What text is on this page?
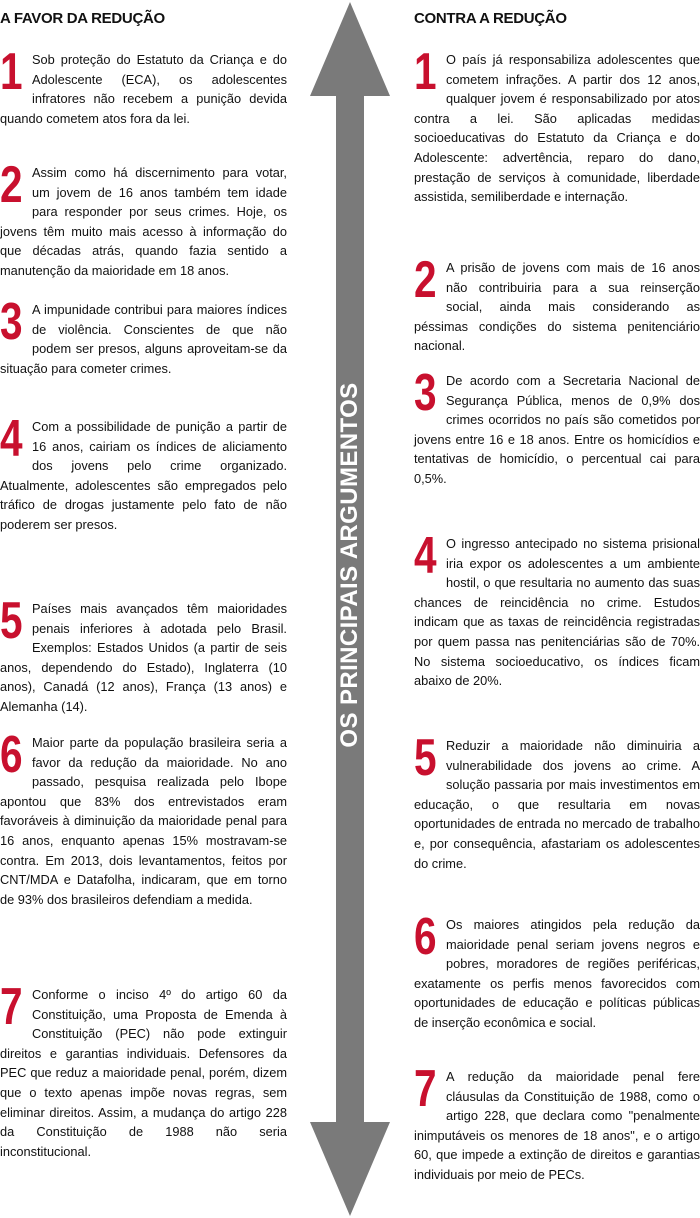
A FAVOR DA REDUÇÃO

1 Sob proteção do Estatuto da Criança e do Adolescente (ECA), os adolescentes infratores não recebem a punição devida quando cometem atos fora da lei.

2 Assim como há discernimento para votar, um jovem de 16 anos também tem idade para responder por seus crimes. Hoje, os jovens têm muito mais acesso à informação do que décadas atrás, quando fazia sentido a manutenção da maioridade em 18 anos.

3 A impunidade contribui para maiores índices de violência. Conscientes de que não podem ser presos, alguns aproveitam-se da situação para cometer crimes.

4 Com a possibilidade de punição a partir de 16 anos, cairiam os índices de aliciamento dos jovens pelo crime organizado. Atualmente, adolescentes são empregados pelo tráfico de drogas justamente pelo fato de não poderem ser presos.

5 Países mais avançados têm maioridades penais inferiores à adotada pelo Brasil. Exemplos: Estados Unidos (a partir de seis anos, dependendo do Estado), Inglaterra (10 anos), Canadá (12 anos), França (13 anos) e Alemanha (14).

6 Maior parte da população brasileira seria a favor da redução da maioridade. No ano passado, pesquisa realizada pelo Ibope apontou que 83% dos entrevistados eram favoráveis à diminuição da maioridade penal para 16 anos, enquanto apenas 15% mostravam-se contra. Em 2013, dois levantamentos, feitos por CNT/MDA e Datafolha, indicaram, que em torno de 93% dos brasileiros defendiam a medida.

7 Conforme o inciso 4º do artigo 60 da Constituição, uma Proposta de Emenda à Constituição (PEC) não pode extinguir direitos e garantias individuais. Defensores da PEC que reduz a maioridade penal, porém, dizem que o texto apenas impõe novas regras, sem eliminar direitos. Assim, a mudança do artigo 228 da Constituição de 1988 não seria inconstitucional.

OS PRINCIPAIS ARGUMENTOS
CONTRA A REDUÇÃO

1 O país já responsabiliza adolescentes que cometem infrações. A partir dos 12 anos, qualquer jovem é responsabilizado por atos contra a lei. São aplicadas medidas socioeducativas do Estatuto da Criança e do Adolescente: advertência, reparo do dano, prestação de serviços à comunidade, liberdade assistida, semiliberdade e internação.

2 A prisão de jovens com mais de 16 anos não contribuiria para a sua reinserção social, ainda mais considerando as péssimas condições do sistema penitenciário nacional.

3 De acordo com a Secretaria Nacional de Segurança Pública, menos de 0,9% dos crimes ocorridos no país são cometidos por jovens entre 16 e 18 anos. Entre os homicídios e tentativas de homicídio, o percentual cai para 0,5%.

4 O ingresso antecipado no sistema prisional iria expor os adolescentes a um ambiente hostil, o que resultaria no aumento das suas chances de reincidência no crime. Estudos indicam que as taxas de reincidência registradas por quem passa nas penitenciárias são de 70%. No sistema socioeducativo, os índices ficam abaixo de 20%.

5 Reduzir a maioridade não diminuiria a vulnerabilidade dos jovens ao crime. A solução passaria por mais investimentos em educação, o que resultaria em novas oportunidades de entrada no mercado de trabalho e, por consequência, afastariam os adolescentes do crime.

6 Os maiores atingidos pela redução da maioridade penal seriam jovens negros e pobres, moradores de regiões periféricas, exatamente os perfis menos favorecidos com oportunidades de educação e políticas públicas de inserção econômica e social.

7 A redução da maioridade penal fere cláusulas da Constituição de 1988, como o artigo 228, que declara como "penalmente inimputáveis os menores de 18 anos", e o artigo 60, que impede a extinção de direitos e garantias individuais por meio de PECs.
